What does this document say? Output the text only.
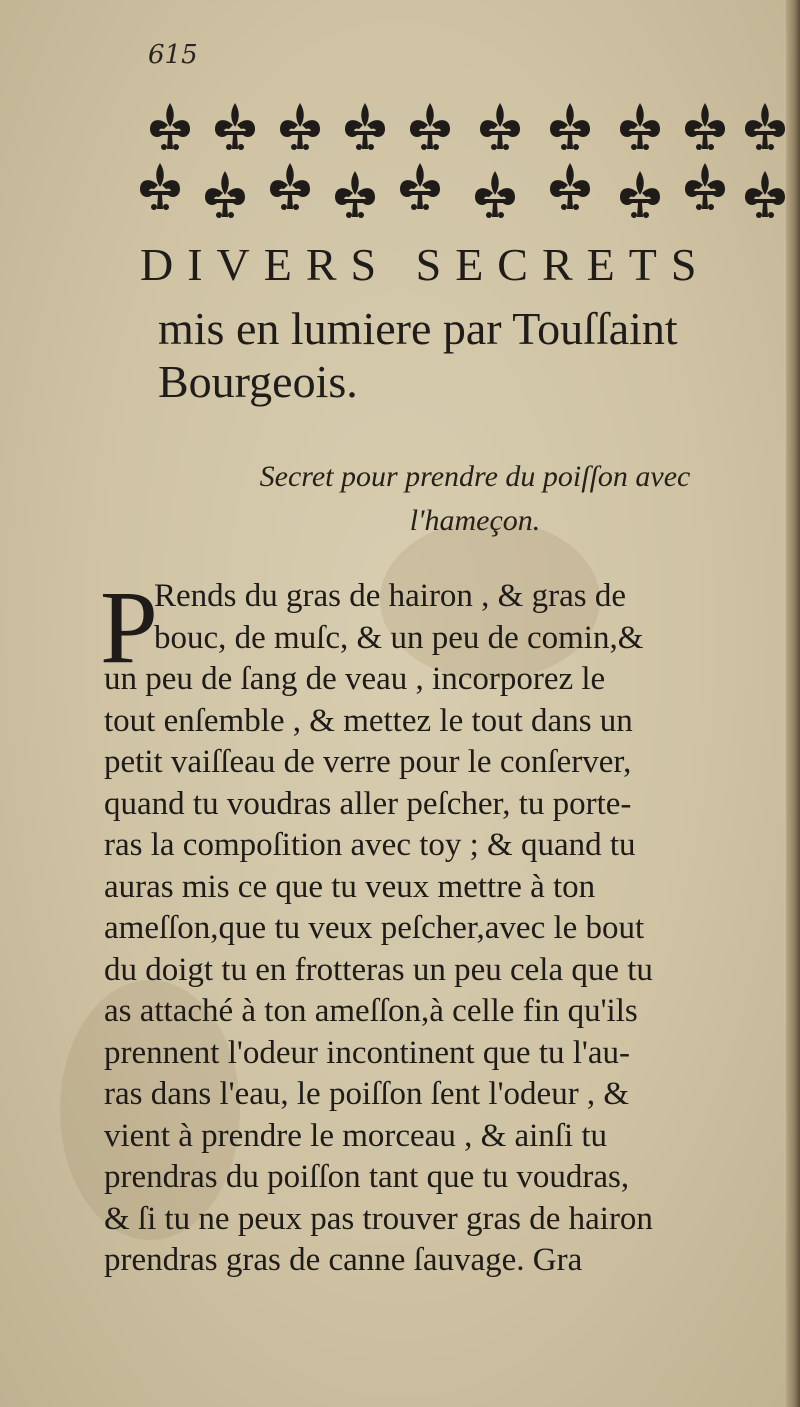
615
DIVERS SECRETS
mis en lumiere par Touſſaint
Bourgeois.
Secret pour prendre du poiſſon avec
l'hameçon.
P
Rends du gras de hairon , & gras de
bouc, de muſc, & un peu de comin,&
un peu de ſang de veau , incorporez le
tout enſemble , & mettez le tout dans un
petit vaiſſeau de verre pour le conſerver,
quand tu voudras aller peſcher, tu porte-
ras la compoſition avec toy ; & quand tu
auras mis ce que tu veux mettre à ton
ameſſon,que tu veux peſcher,avec le bout
du doigt tu en frotteras un peu cela que tu
as attaché à ton ameſſon,à celle fin qu'ils
prennent l'odeur incontinent que tu l'au-
ras dans l'eau, le poiſſon ſent l'odeur , &
vient à prendre le morceau , & ainſi tu
prendras du poiſſon tant que tu voudras,
& ſi tu ne peux pas trouver gras de hairon
prendras gras de canne ſauvage. Gra
